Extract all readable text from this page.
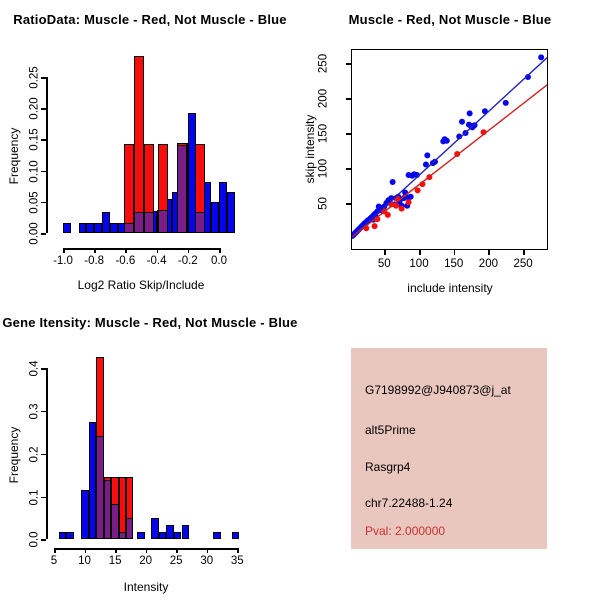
RatioData: Muscle - Red, Not Muscle - Blue
Frequency
Log2 Ratio Skip/Include
-1.0 -0.8 -0.6 -0.4 -0.2	0.0
0.00
0.05
0.10
0.15
0.20
0.25
Muscle - Red, Not Muscle - Blue
skip intensity
include intensity
50	100	150	200	250
50
100
150
200
250
Gene Itensity: Muscle - Red, Not Muscle - Blue
Frequency
Intensity
5	10	15	20	25	30	35
0.0
0.1
0.2
0.3
0.4
G7198992@J940873@j_at
alt5Prime
Rasgrp4
chr7.22488-1.24
Pval: 2.000000
